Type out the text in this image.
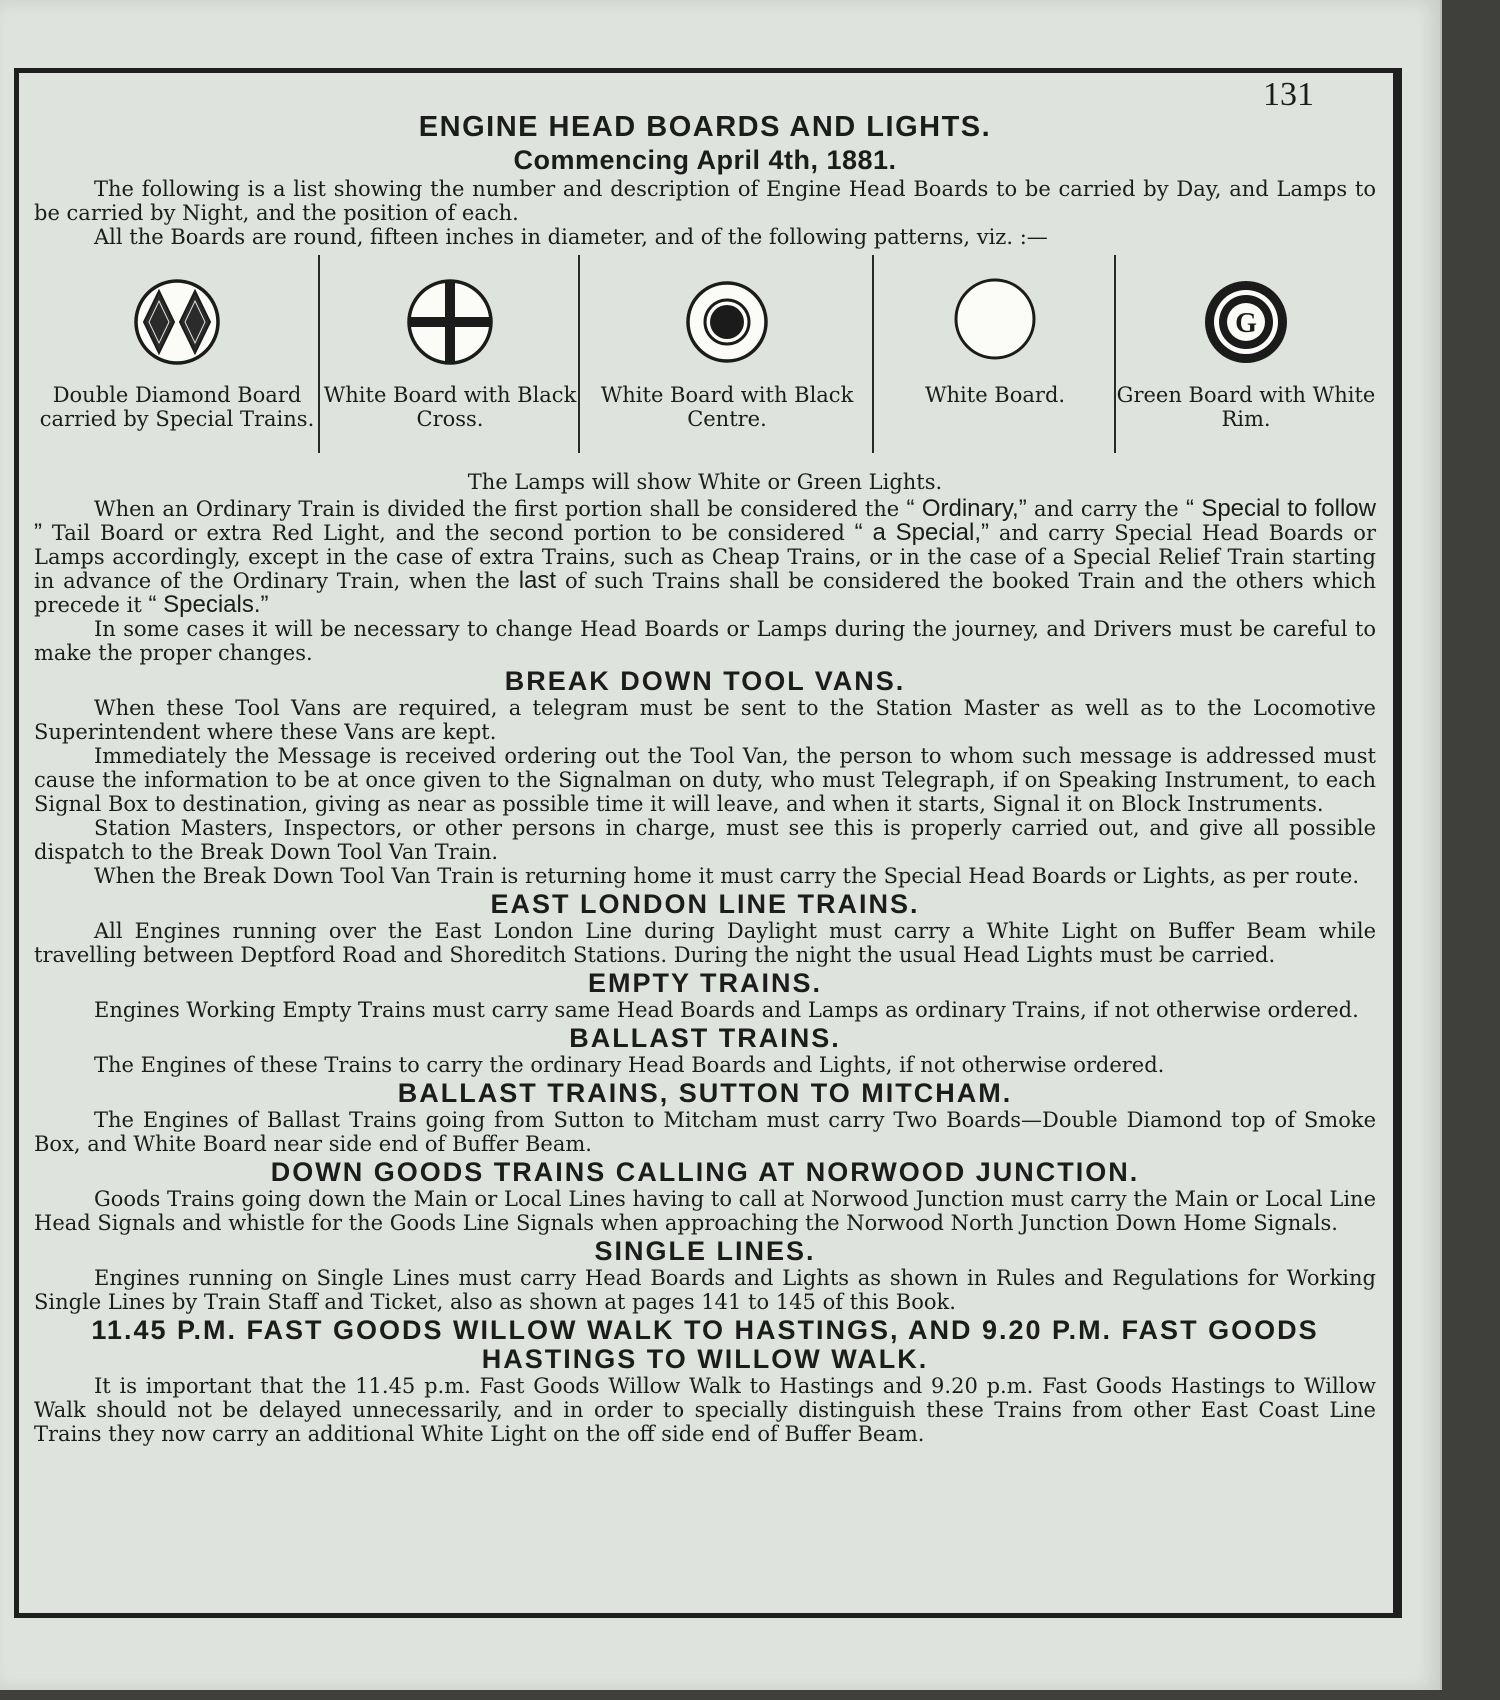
131
ENGINE HEAD BOARDS AND LIGHTS.
Commencing April 4th, 1881.

The following is a list showing the number and description of Engine Head Boards to be carried by Day, and Lamps to be carried by Night, and the position of each.

All the Boards are round, fifteen inches in diameter, and of the following patterns, viz. :—

Double Diamond Board carried by Special Trains.
White Board with Black Cross.
White Board with Black Centre.
White Board.
G
Green Board with White Rim.
The Lamps will show White or Green Lights.

When an Ordinary Train is divided the first portion shall be considered the “ Ordinary,” and carry the “ Special to follow ” Tail Board or extra Red Light, and the second portion to be considered “ a Special,” and carry Special Head Boards or Lamps accordingly, except in the case of extra Trains, such as Cheap Trains, or in the case of a Special Relief Train starting in advance of the Ordinary Train, when the last of such Trains shall be considered the booked Train and the others which precede it “ Specials.”

In some cases it will be necessary to change Head Boards or Lamps during the journey, and Drivers must be careful to make the proper changes.

BREAK DOWN TOOL VANS.

When these Tool Vans are required, a telegram must be sent to the Station Master as well as to the Locomotive Superintendent where these Vans are kept.

Immediately the Message is received ordering out the Tool Van, the person to whom such message is addressed must cause the information to be at once given to the Signalman on duty, who must Telegraph, if on Speaking Instrument, to each Signal Box to destination, giving as near as possible time it will leave, and when it starts, Signal it on Block Instruments.

Station Masters, Inspectors, or other persons in charge, must see this is properly carried out, and give all possible dispatch to the Break Down Tool Van Train.

When the Break Down Tool Van Train is returning home it must carry the Special Head Boards or Lights, as per route.

EAST LONDON LINE TRAINS.

All Engines running over the East London Line during Daylight must carry a White Light on Buffer Beam while travelling between Deptford Road and Shoreditch Stations. During the night the usual Head Lights must be carried.

EMPTY TRAINS.

Engines Working Empty Trains must carry same Head Boards and Lamps as ordinary Trains, if not otherwise ordered.

BALLAST TRAINS.

The Engines of these Trains to carry the ordinary Head Boards and Lights, if not otherwise ordered.

BALLAST TRAINS, SUTTON TO MITCHAM.

The Engines of Ballast Trains going from Sutton to Mitcham must carry Two Boards—Double Diamond top of Smoke Box, and White Board near side end of Buffer Beam.

DOWN GOODS TRAINS CALLING AT NORWOOD JUNCTION.

Goods Trains going down the Main or Local Lines having to call at Norwood Junction must carry the Main or Local Line Head Signals and whistle for the Goods Line Signals when approaching the Norwood North Junction Down Home Signals.

SINGLE LINES.

Engines running on Single Lines must carry Head Boards and Lights as shown in Rules and Regulations for Working Single Lines by Train Staff and Ticket, also as shown at pages 141 to 145 of this Book.

11.45 P.M. FAST GOODS WILLOW WALK TO HASTINGS, AND 9.20 P.M. FAST GOODS HASTINGS TO WILLOW WALK.

It is important that the 11.45 p.m. Fast Goods Willow Walk to Hastings and 9.20 p.m. Fast Goods Hastings to Willow Walk should not be delayed unnecessarily, and in order to specially distinguish these Trains from other East Coast Line Trains they now carry an additional White Light on the off side end of Buffer Beam.
